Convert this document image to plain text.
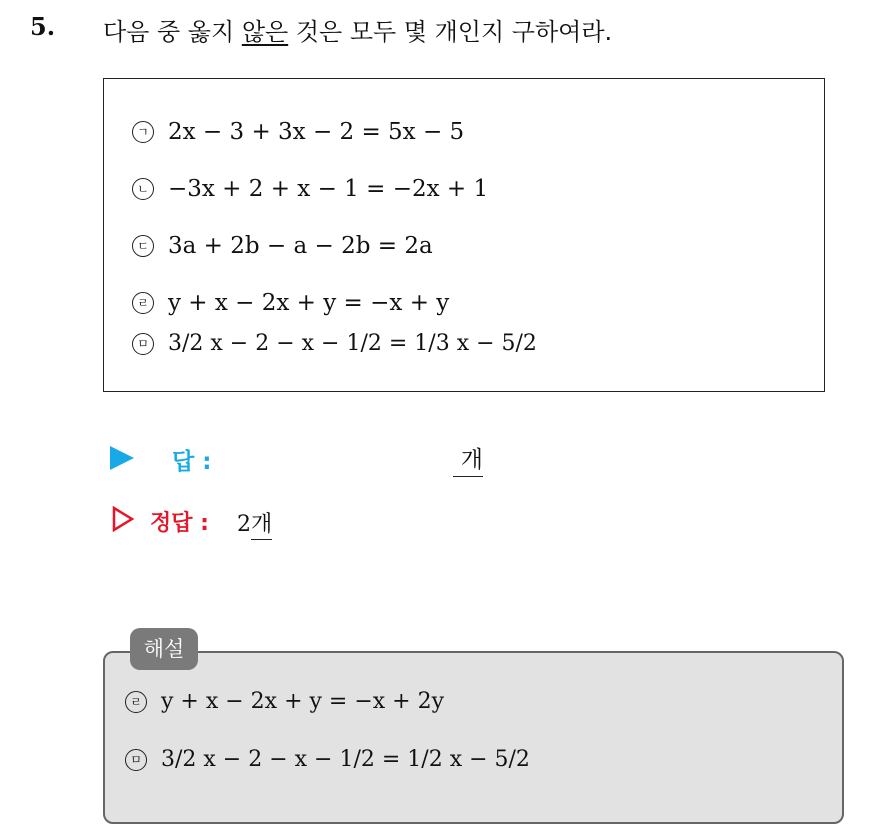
5. 다음 중 옳지 않은 것은 모두 몇 개인지 구하여라.
ㄱ 2x − 3 + 3x − 2 = 5x − 5
ㄴ −3x + 2 + x − 1 = −2x + 1
ㄷ 3a + 2b − a − 2b = 2a
ㄹ y + x − 2x + y = −x + y
ㅁ 3/2 x − 2 − x − 1/2 = 1/3 x − 5/2
답 :	개
정답 : 2개
ㄹ y + x − 2x + y = −x + 2y
ㅁ 3/2 x − 2 − x − 1/2 = 1/2 x − 5/2
해설
